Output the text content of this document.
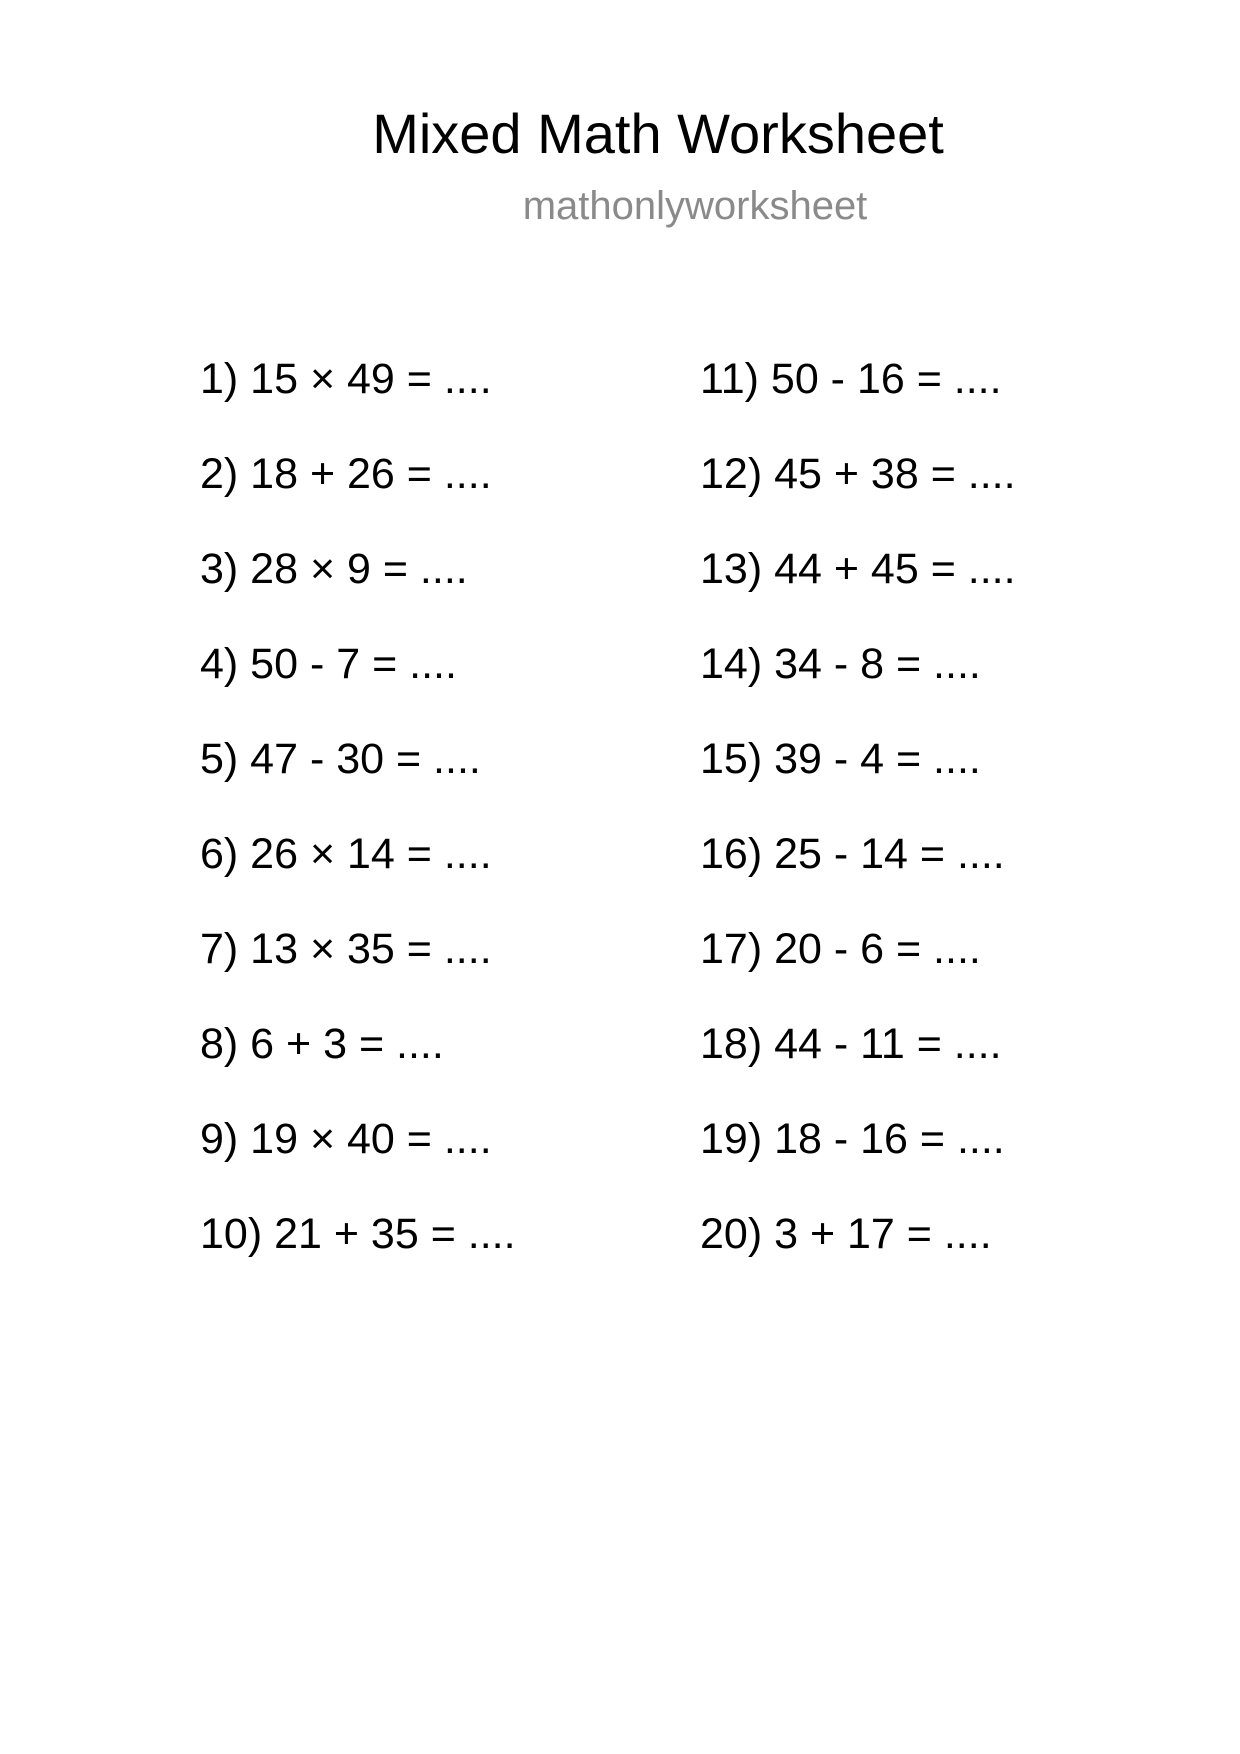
Mixed Math Worksheet
mathonlyworksheet
1) 15 × 49 = ....
2) 18 + 26 = ....
3) 28 × 9 = ....
4) 50 - 7 = ....
5) 47 - 30 = ....
6) 26 × 14 = ....
7) 13 × 35 = ....
8) 6 + 3 = ....
9) 19 × 40 = ....
10) 21 + 35 = ....
11) 50 - 16 = ....
12) 45 + 38 = ....
13) 44 + 45 = ....
14) 34 - 8 = ....
15) 39 - 4 = ....
16) 25 - 14 = ....
17) 20 - 6 = ....
18) 44 - 11 = ....
19) 18 - 16 = ....
20) 3 + 17 = ....
